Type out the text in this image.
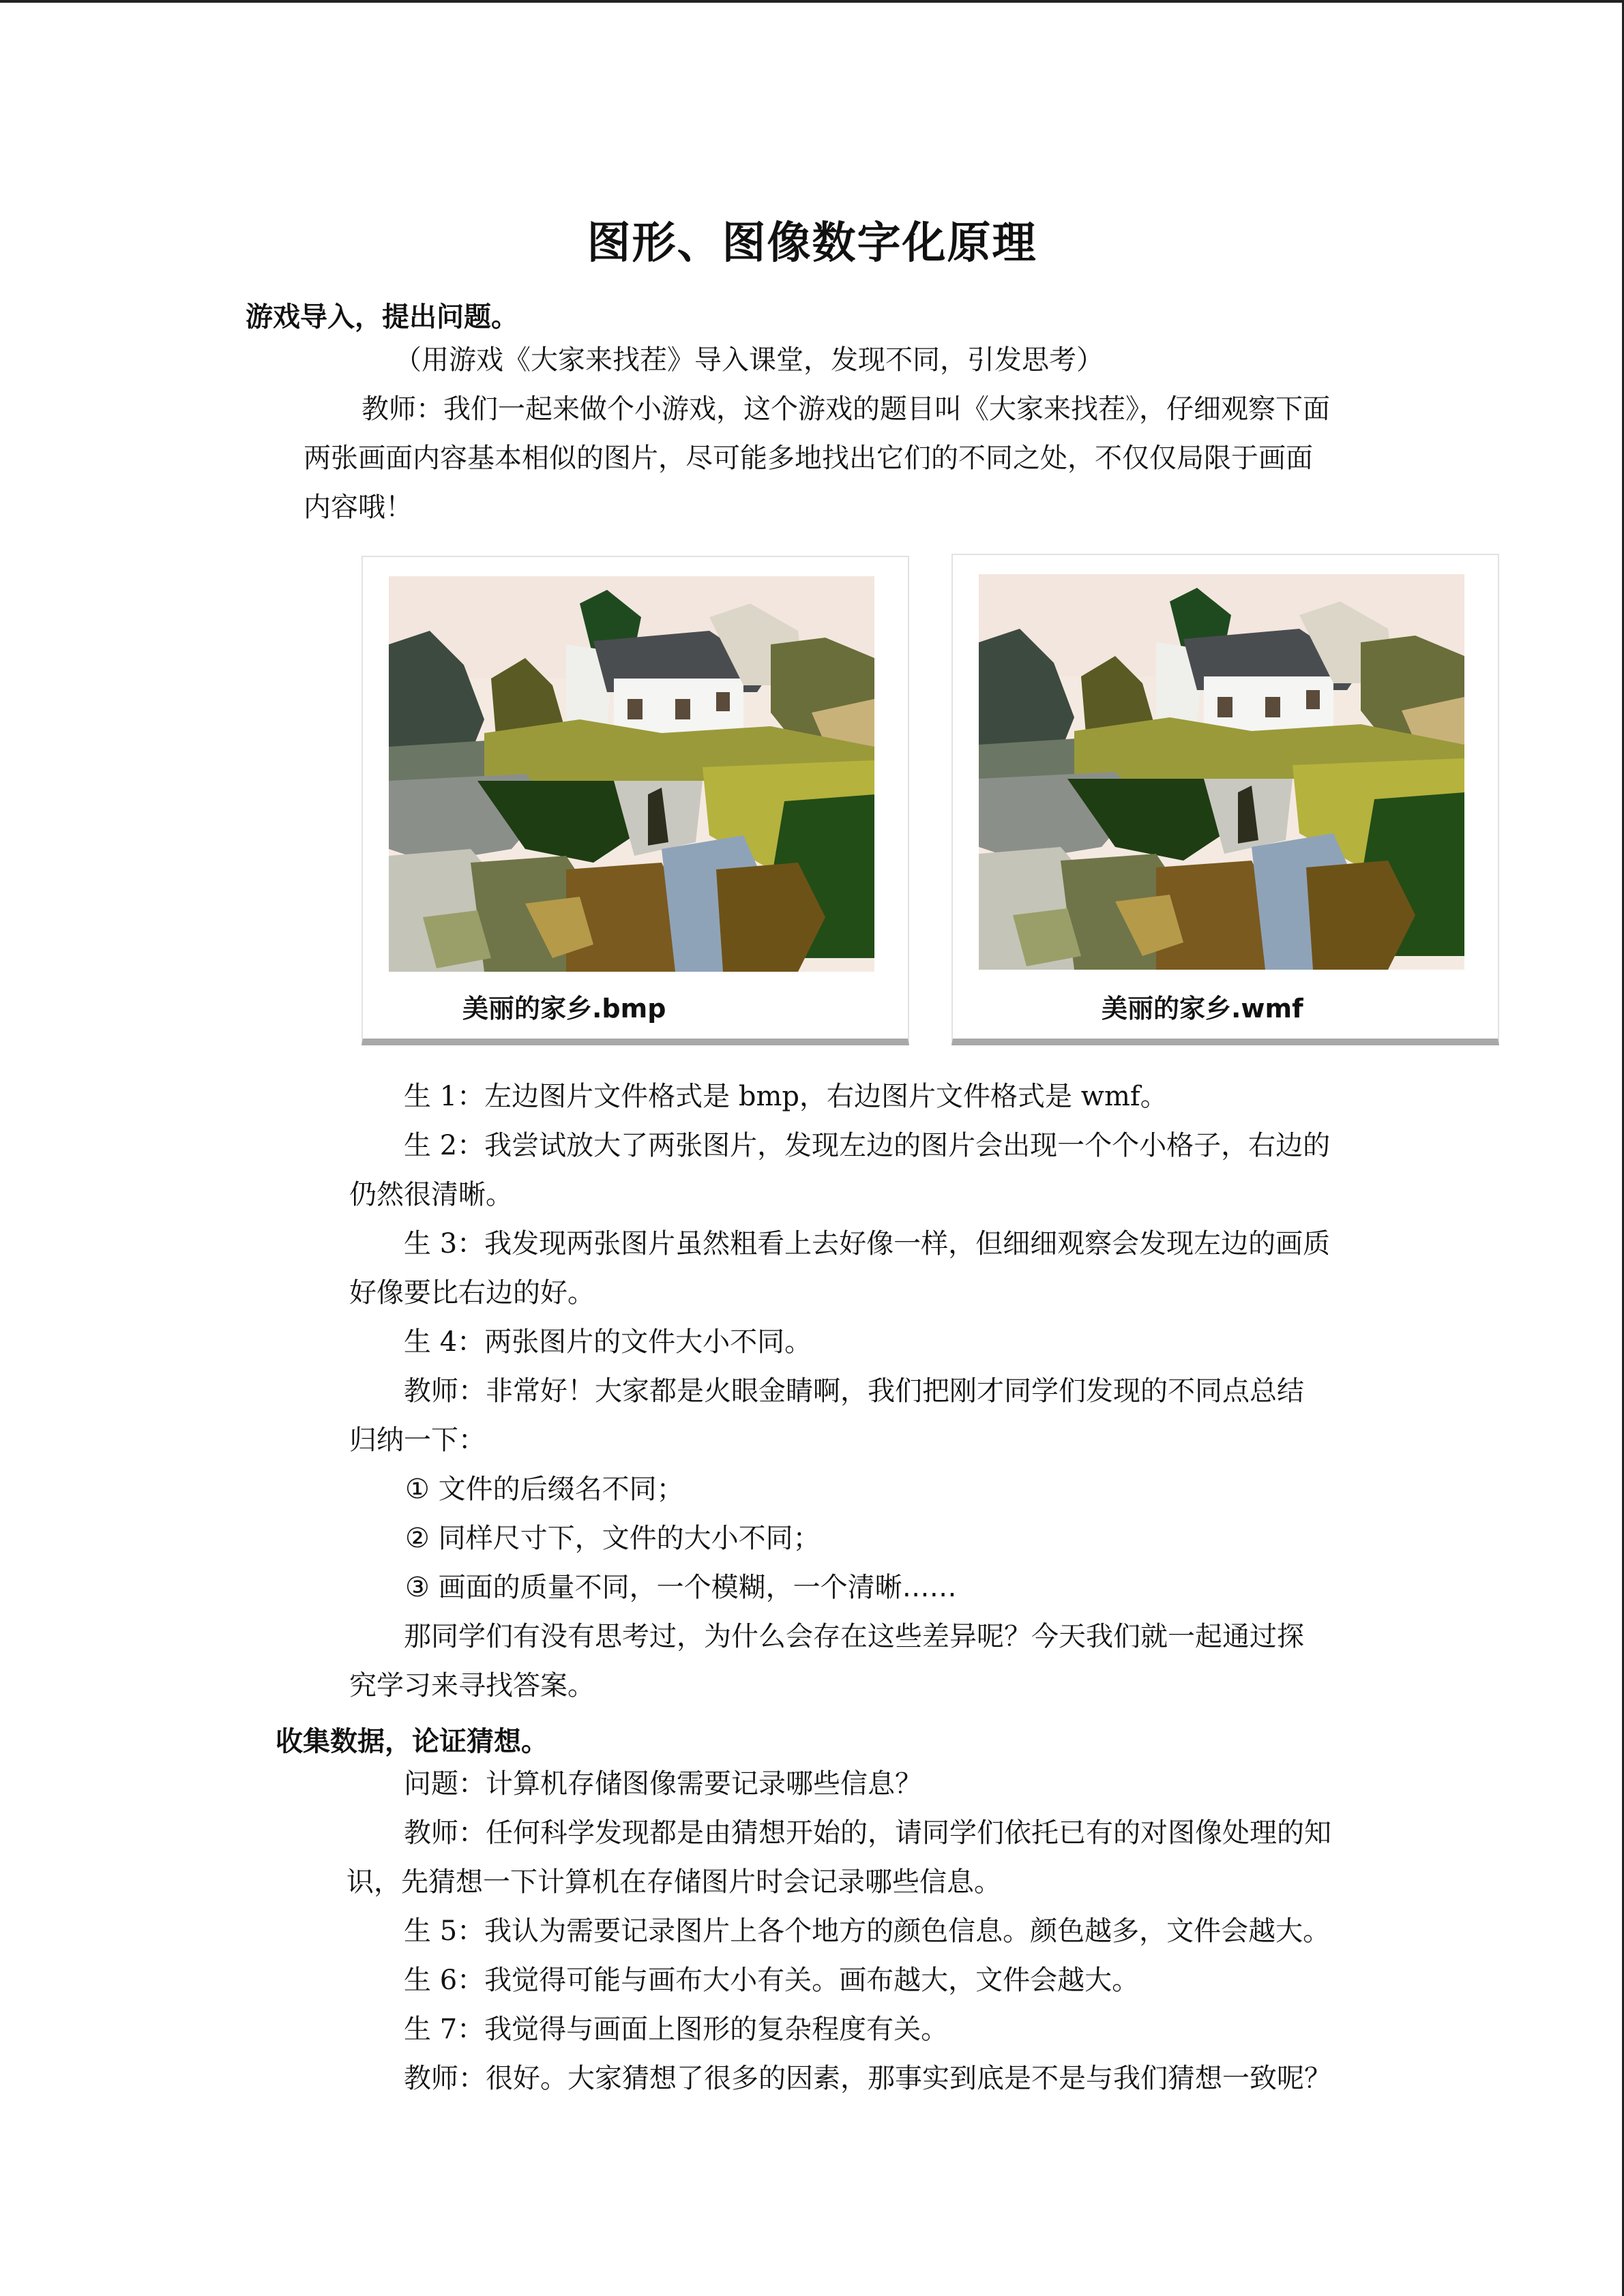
图形、图像数字化原理
游戏导入，提出问题。
（用游戏《大家来找茬》导入课堂，发现不同，引发思考）
教师：我们一起来做个小游戏，这个游戏的题目叫《大家来找茬》，仔细观察下面
两张画面内容基本相似的图片，尽可能多地找出它们的不同之处，不仅仅局限于画面
内容哦！
美丽的家乡.bmp	美丽的家乡.wmf
生 1：左边图片文件格式是 bmp，右边图片文件格式是 wmf。
生 2：我尝试放大了两张图片，发现左边的图片会出现一个个小格子，右边的
仍然很清晰。
生 3：我发现两张图片虽然粗看上去好像一样，但细细观察会发现左边的画质
好像要比右边的好。
生 4：两张图片的文件大小不同。
教师：非常好！大家都是火眼金睛啊，我们把刚才同学们发现的不同点总结
归纳一下：
① 文件的后缀名不同；
② 同样尺寸下，文件的大小不同；
③ 画面的质量不同，一个模糊，一个清晰……
那同学们有没有思考过，为什么会存在这些差异呢？今天我们就一起通过探
究学习来寻找答案。
收集数据，论证猜想。
问题：计算机存储图像需要记录哪些信息？
教师：任何科学发现都是由猜想开始的，请同学们依托已有的对图像处理的知
识，先猜想一下计算机在存储图片时会记录哪些信息。
生 5：我认为需要记录图片上各个地方的颜色信息。颜色越多，文件会越大。
生 6：我觉得可能与画布大小有关。画布越大，文件会越大。
生 7：我觉得与画面上图形的复杂程度有关。
教师：很好。大家猜想了很多的因素，那事实到底是不是与我们猜想一致呢？
